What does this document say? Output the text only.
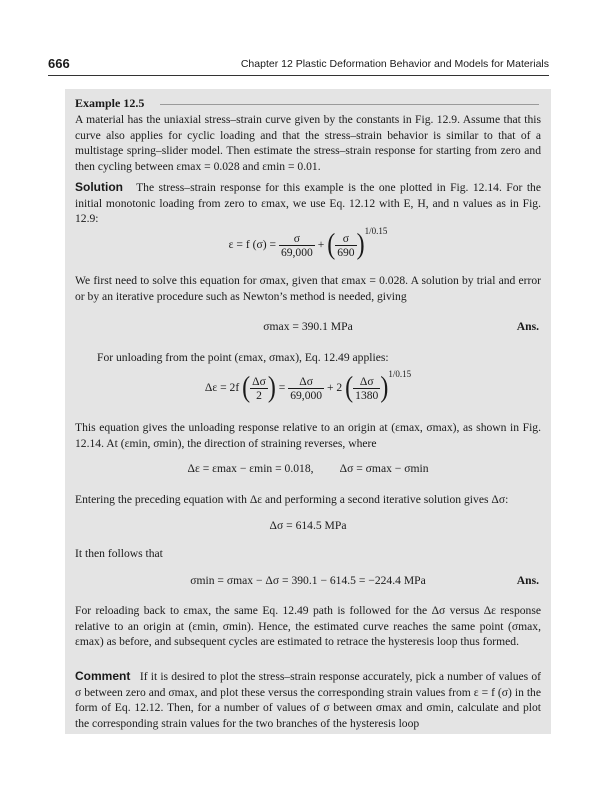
666	Chapter 12 Plastic Deformation Behavior and Models for Materials
Example 12.5

A material has the uniaxial stress–strain curve given by the constants in Fig. 12.9. Assume that this curve also applies for cyclic loading and that the stress–strain behavior is similar to that of a multistage spring–slider model. Then estimate the stress–strain response for starting from zero and then cycling between εmax = 0.028 and εmin = 0.01.

Solution The stress–strain response for this example is the one plotted in Fig. 12.14. For the initial monotonic loading from zero to εmax, we use Eq. 12.12 with E, H, and n values as in Fig. 12.9:

ε = f $(\sigma) = \frac{\sigma}{69,000}$ + ( $\frac{\sigma}{690} )^{1/0.15}$

We first need to solve this equation for σmax, given that εmax = 0.028. A solution by trial and error or by an iterative procedure such as Newton’s method is needed, giving

σmax = 390.1 MPa	Ans.

For unloading from the point (εmax, σmax), Eq. 12.49 applies:

Δε = 2f ( $\frac{\Delta\sigma}{2}$ ) = $\frac{\Delta\sigma}{69,000} + 2$ ( $\frac{\Delta\sigma}{1380} )^{1/0.15}$

This equation gives the unloading response relative to an origin at (εmax, σmax), as shown in Fig. 12.14. At (εmin, σmin), the direction of straining reverses, where

Δε = εmax − εmin = 0.018, Δσ = σmax − σmin

Entering the preceding equation with Δε and performing a second iterative solution gives Δσ:

Δσ = 614.5 MPa

It then follows that

σmin = σmax − Δσ = 390.1 − 614.5 = −224.4 MPa	Ans.

For reloading back to εmax, the same Eq. 12.49 path is followed for the Δσ versus Δε response relative to an origin at (εmin, σmin). Hence, the estimated curve reaches the same point (σmax, εmax) as before, and subsequent cycles are estimated to retrace the hysteresis loop thus formed.

Comment If it is desired to plot the stress–strain response accurately, pick a number of values of σ between zero and σmax, and plot these versus the corresponding strain values from ε = f (σ) in the form of Eq. 12.12. Then, for a number of values of σ between σmax and σmin, calculate and plot the corresponding strain values for the two branches of the hysteresis loop
